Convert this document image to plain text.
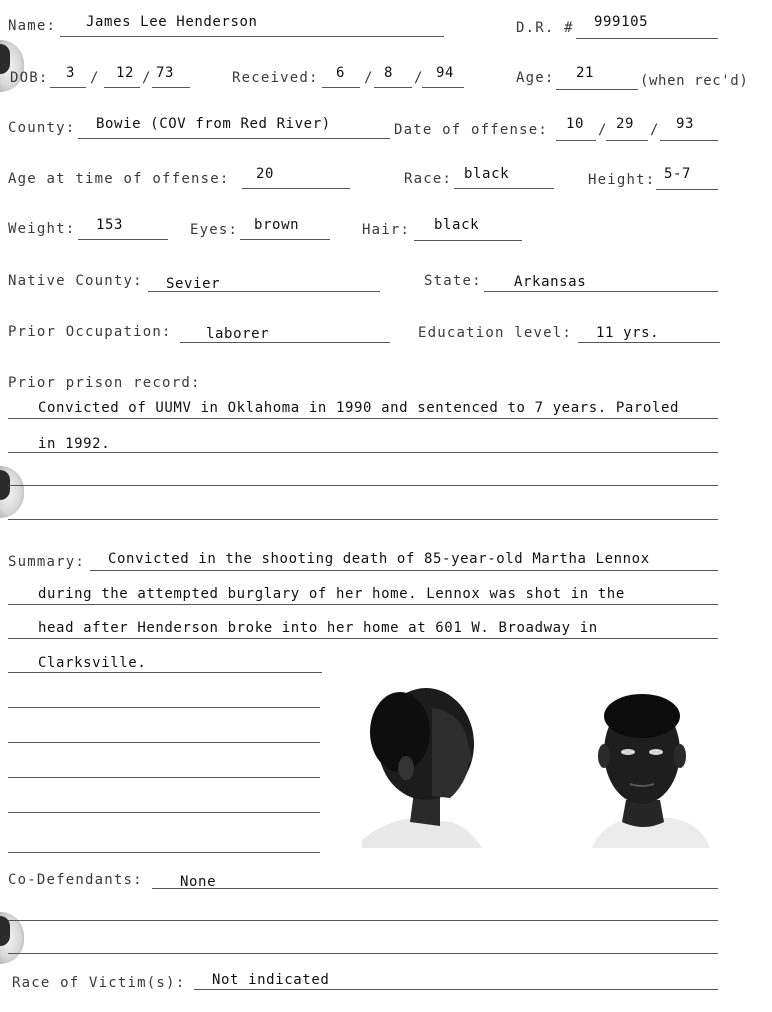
Name: James Lee Henderson	D.R. # 999105
DOB: 3 / 12 / 73	Received: 6 / 8 / 94	Age: 21	(when rec'd)
County: Bowie (COV from Red River)	Date of offense: 10 / 29 / 93
Age at time of offense: 20	Race: black	Height: 5-7
Weight: 153	Eyes: brown	Hair: black
Native County: Sevier	State: Arkansas
Prior Occupation: laborer	Education level: 11 yrs.
Prior prison record:
Convicted of UUMV in Oklahoma in 1990 and sentenced to 7 years. Paroled
in 1992.
Summary: Convicted in the shooting death of 85-year-old Martha Lennox
during the attempted burglary of her home. Lennox was shot in the
head after Henderson broke into her home at 601 W. Broadway in
Clarksville.
Co-Defendants:	None
Race of Victim(s): Not indicated
